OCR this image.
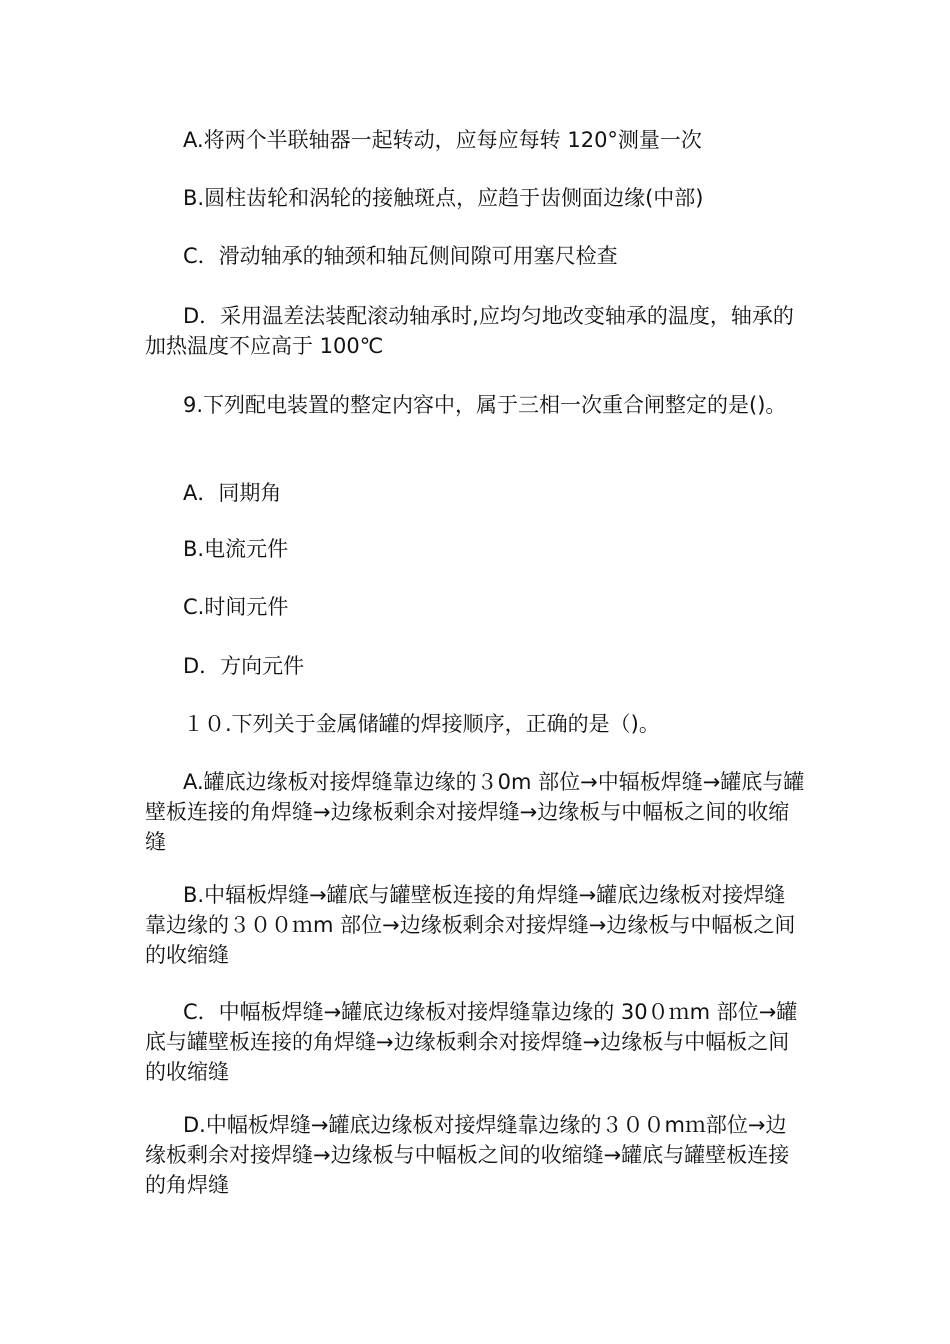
A.将两个半联轴器一起转动，应每应每转 120°测量一次

B.圆柱齿轮和涡轮的接触斑点，应趋于齿侧面边缘(中部)

C．滑动轴承的轴颈和轴瓦侧间隙可用塞尺检查

D．采用温差法装配滚动轴承时,应均匀地改变轴承的温度，轴承的加热温度不应高于 100℃

9.下列配电装置的整定内容中，属于三相一次重合闸整定的是()。

A．同期角

B.电流元件

C.时间元件

D．方向元件

１０.下列关于金属储罐的焊接顺序，正确的是（)。

A.罐底边缘板对接焊缝靠边缘的３0m 部位→中辐板焊缝→罐底与罐壁板连接的角焊缝→边缘板剩余对接焊缝→边缘板与中幅板之间的收缩缝

B.中辐板焊缝→罐底与罐壁板连接的角焊缝→罐底边缘板对接焊缝靠边缘的３００ｍm 部位→边缘板剩余对接焊缝→边缘板与中幅板之间的收缩缝

C．中幅板焊缝→罐底边缘板对接焊缝靠边缘的 30０ｍm 部位→罐底与罐壁板连接的角焊缝→边缘板剩余对接焊缝→边缘板与中幅板之间的收缩缝

D.中幅板焊缝→罐底边缘板对接焊缝靠边缘的３００mｍ部位→边缘板剩余对接焊缝→边缘板与中幅板之间的收缩缝→罐底与罐壁板连接的角焊缝
